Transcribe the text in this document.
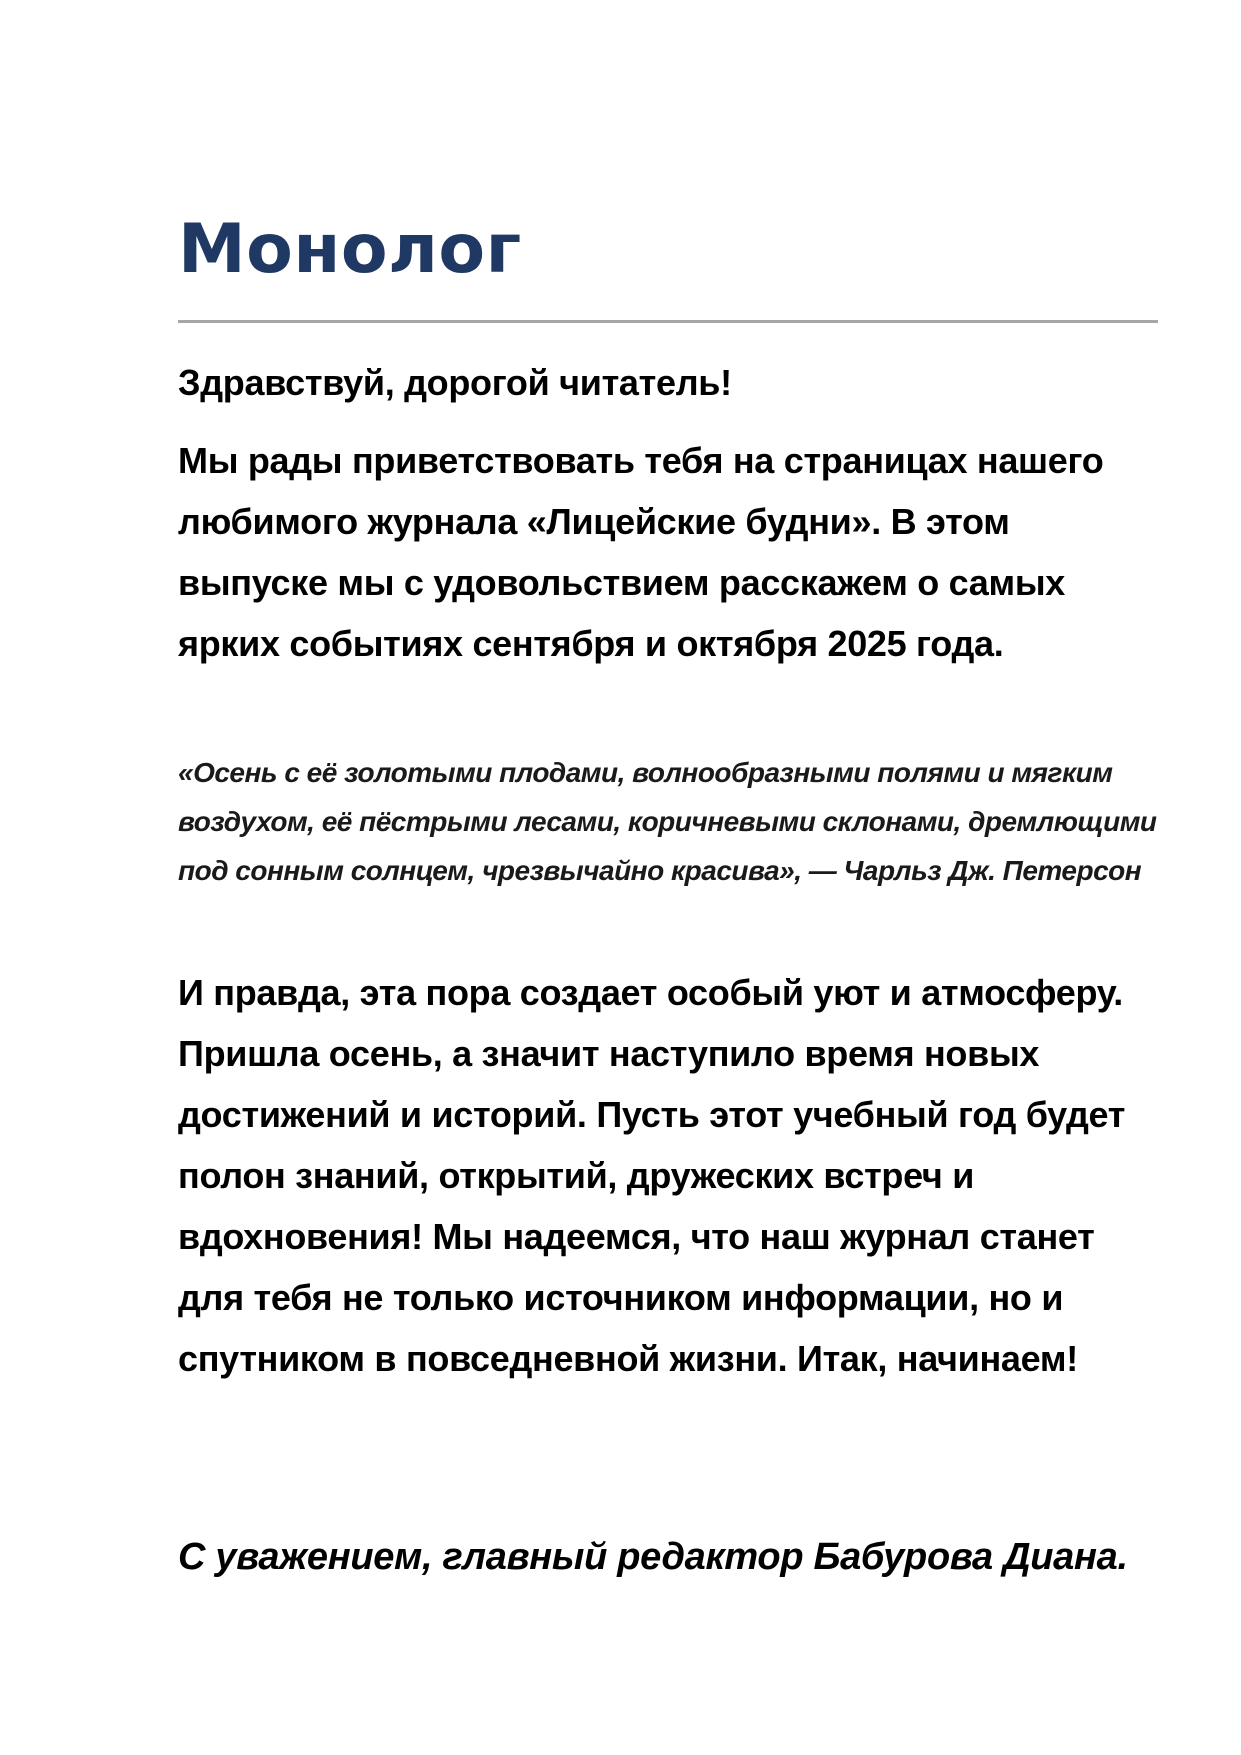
Монолог

Здравствуй, дорогой читатель!

Мы рады приветствовать тебя на страницах нашего любимого журнала «Лицейские будни». В этом выпуске мы с удовольствием расскажем о самых ярких событиях сентября и октября 2025 года.

«Осень с её золотыми плодами, волнообразными полями и мягким воздухом, её пёстрыми лесами, коричневыми склонами, дремлющими под сонным солнцем, чрезвычайно красива», — Чарльз Дж. Петерсон

И правда, эта пора создает особый уют и атмосферу. Пришла осень, а значит наступило время новых достижений и историй. Пусть этот учебный год будет полон знаний, открытий, дружеских встреч и вдохновения! Мы надеемся, что наш журнал станет для тебя не только источником информации, но и спутником в повседневной жизни. Итак, начинаем!

С уважением, главный редактор Бабурова Диана.
